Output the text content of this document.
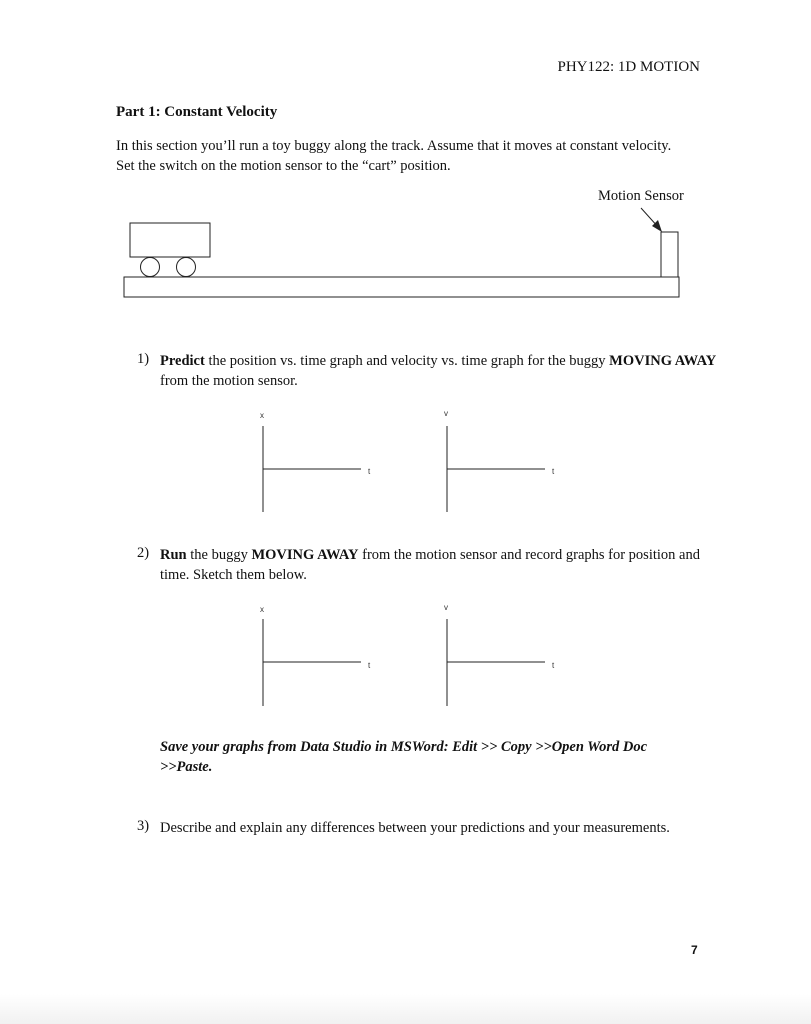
PHY122: 1D MOTION
Part 1: Constant Velocity

In this section you’ll run a toy buggy along the track. Assume that it moves at constant velocity.

Set the switch on the motion sensor to the “cart” position.

Motion Sensor
1) Predict the position vs. time graph and velocity vs. time graph for the buggy MOVING AWAY from the motion sensor.
x
t
v
t
2) Run the buggy MOVING AWAY from the motion sensor and record graphs for position and time. Sketch them below.
x
t
v
t
Save your graphs from Data Studio in MSWord: Edit >> Copy >>Open Word Doc
>>Paste.
3) Describe and explain any differences between your predictions and your measurements.
7
